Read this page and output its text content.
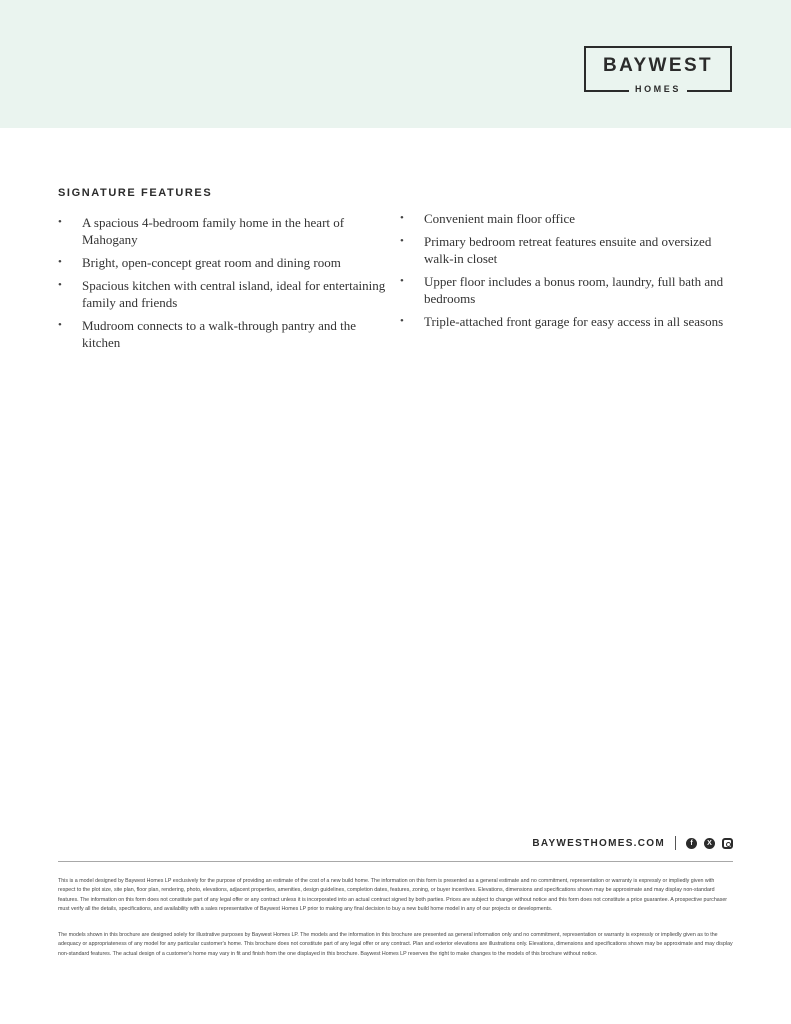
BAYWEST
HOMES
SIGNATURE FEATURES
• A spacious 4-bedroom family home in the heart of Mahogany
• Bright, open-concept great room and dining room
• Spacious kitchen with central island, ideal for entertaining family and friends
• Mudroom connects to a walk-through pantry and the kitchen
• Convenient main floor office
• Primary bedroom retreat features ensuite and oversized walk-in closet
• Upper floor includes a bonus room, laundry, full bath and bedrooms
• Triple-attached front garage for easy access in all seasons
BAYWESTHOMES.COM	f	X

This is a model designed by Baywest Homes LP exclusively for the purpose of providing an estimate of the cost of a new build home. The information on this form is presented as a general estimate and no commitment, representation or warranty is expressly or impliedly given with respect to the plot size, site plan, floor plan, rendering, photo, elevations, adjacent properties, amenities, design guidelines, completion dates, features, zoning, or buyer incentives. Elevations, dimensions and specifications shown may be approximate and may display non-standard features. The information on this form does not constitute part of any legal offer or any contract unless it is incorporated into an actual contract signed by both parties. Prices are subject to change without notice and this form does not constitute a price guarantee. A prospective purchaser must verify all the details, specifications, and availability with a sales representative of Baywest Homes LP prior to making any final decision to buy a new build home model in any of our projects or developments.

The models shown in this brochure are designed solely for illustrative purposes by Baywest Homes LP. The models and the information in this brochure are presented as general information only and no commitment, representation or warranty is expressly or impliedly given as to the adequacy or appropriateness of any model for any particular customer's home. This brochure does not constitute part of any legal offer or any contract. Plan and exterior elevations are illustrations only. Elevations, dimensions and specifications shown may be approximate and may display non-standard features. The actual design of a customer's home may vary in fit and finish from the one displayed in this brochure. Baywest Homes LP reserves the right to make changes to the models of this brochure without notice.
